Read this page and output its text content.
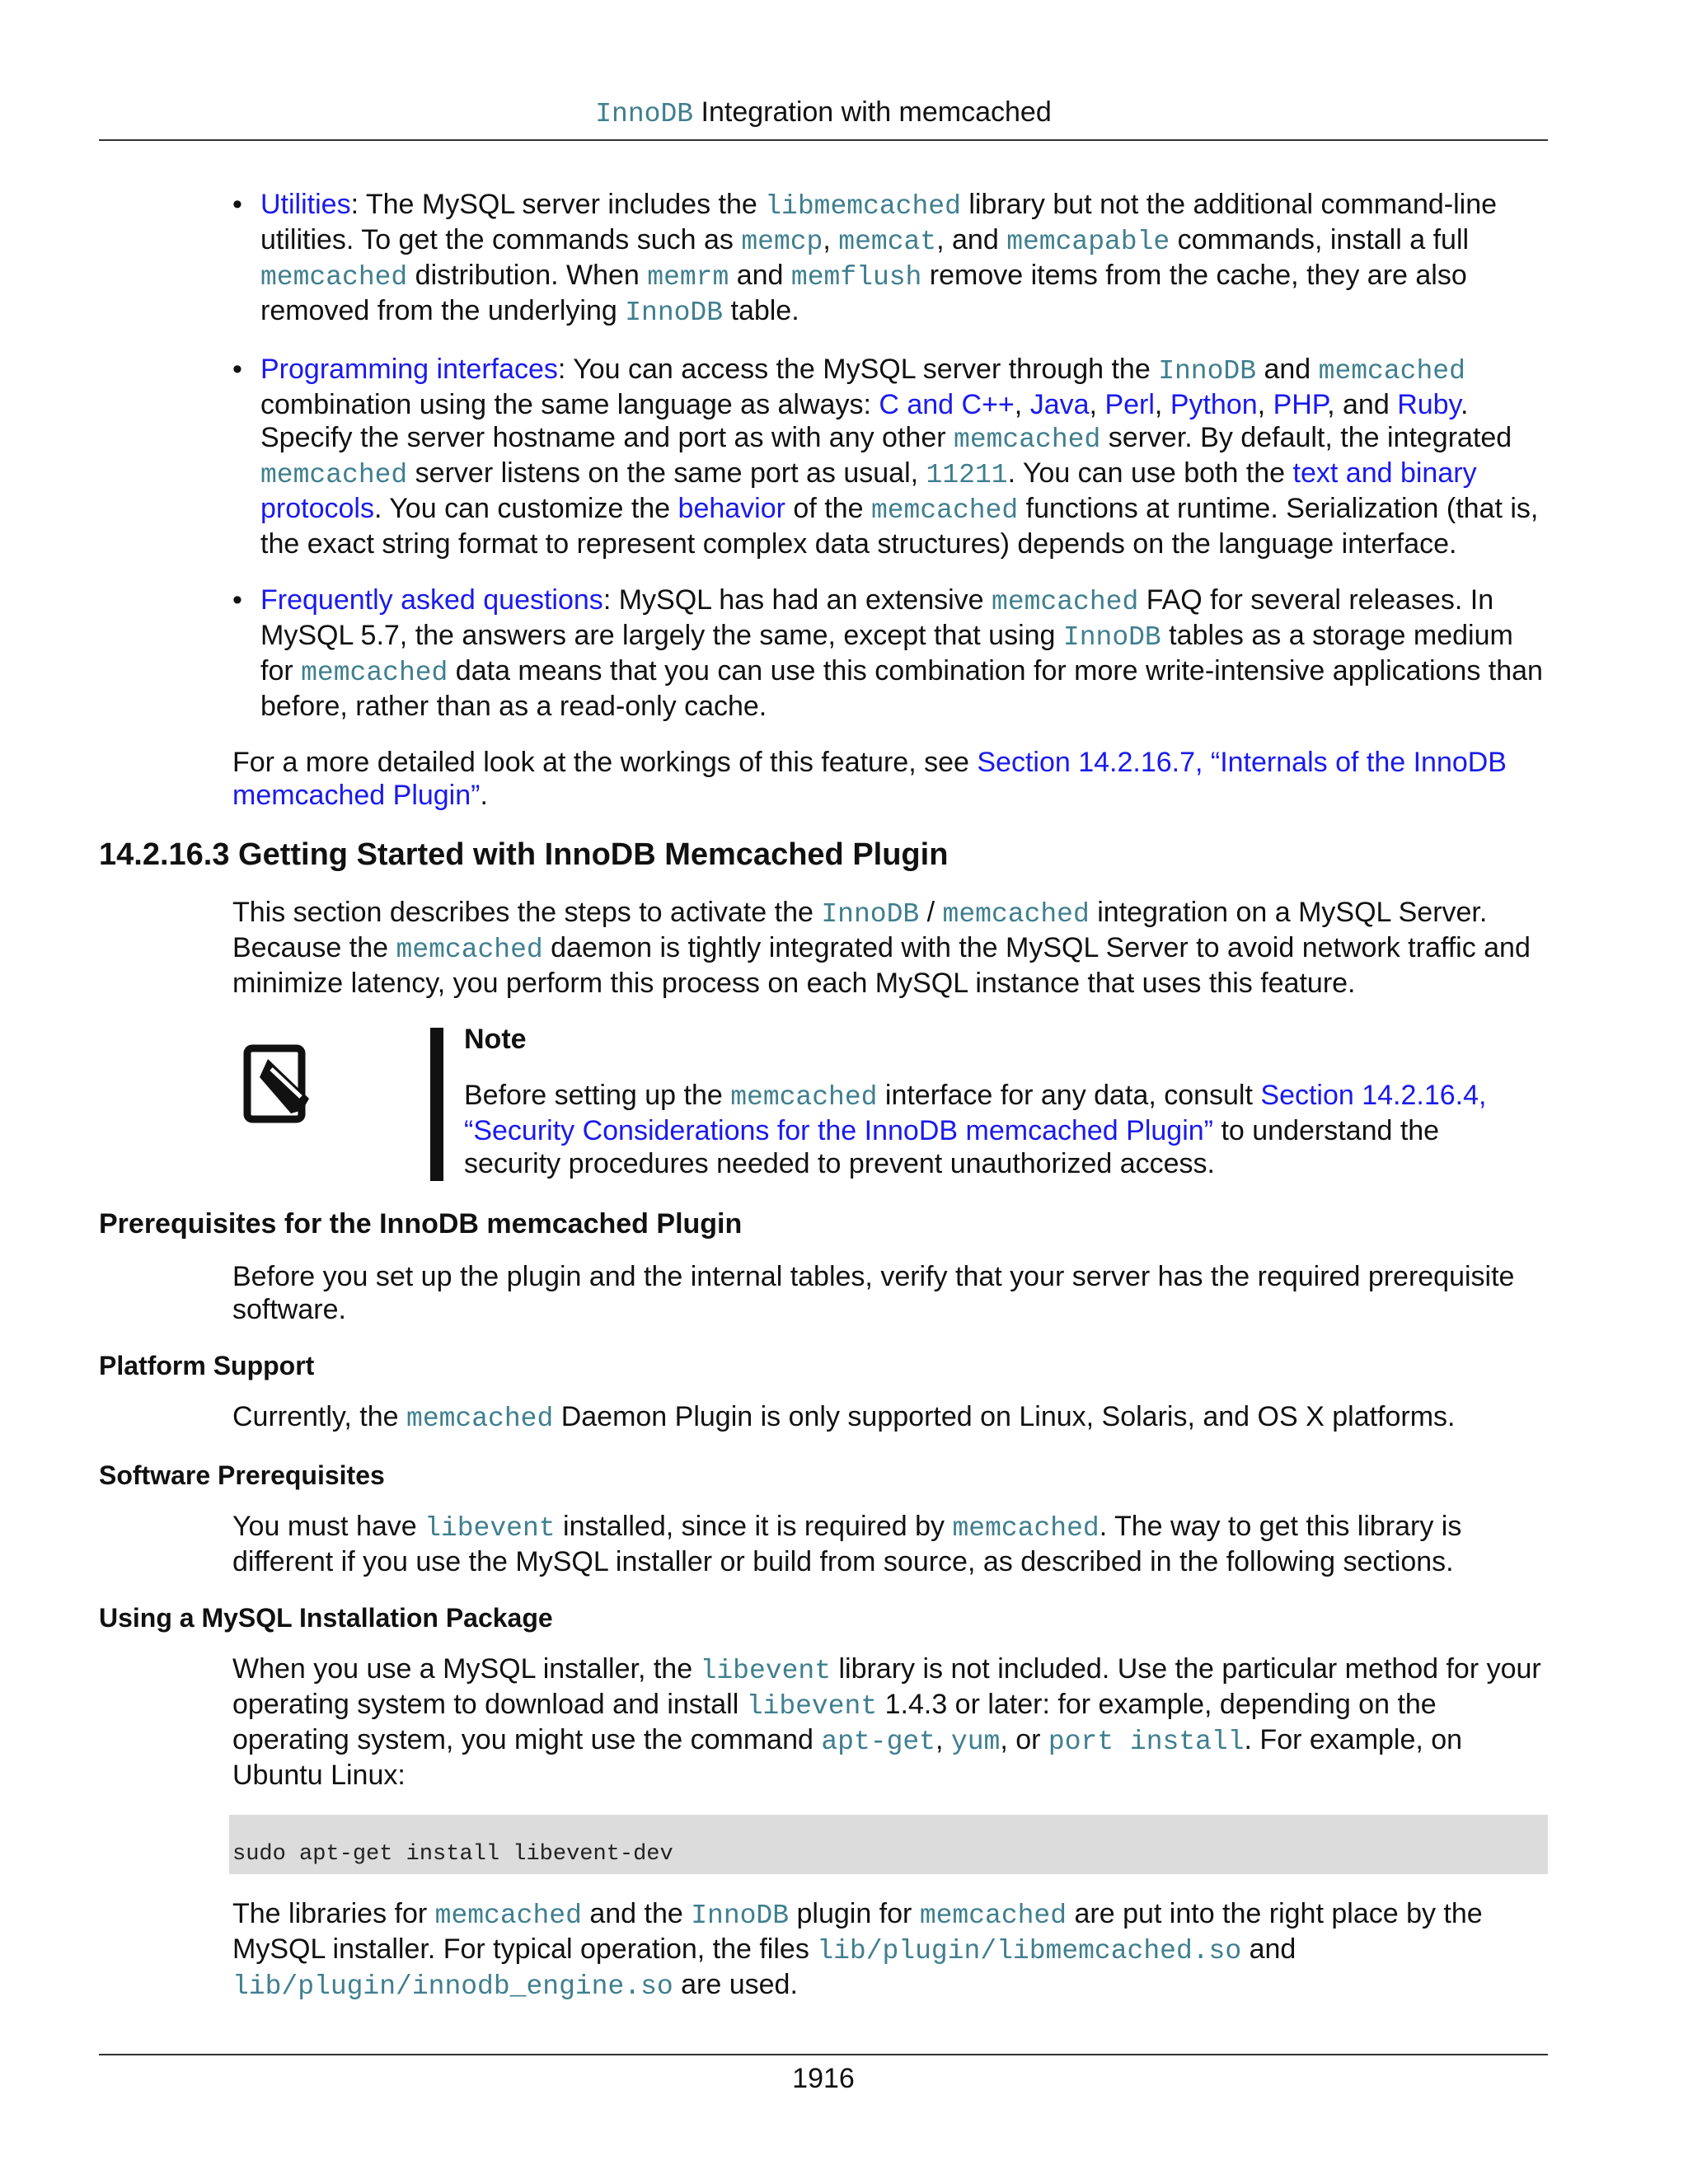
InnoDB Integration with memcached
• Utilities: The MySQL server includes the libmemcached library but not the additional command-line utilities. To get the commands such as memcp, memcat, and memcapable commands, install a full memcached distribution. When memrm and memflush remove items from the cache, they are also removed from the underlying InnoDB table.
• Programming interfaces: You can access the MySQL server through the InnoDB and memcached combination using the same language as always: C and C++, Java, Perl, Python, PHP, and Ruby. Specify the server hostname and port as with any other memcached server. By default, the integrated memcached server listens on the same port as usual, 11211. You can use both the text and binary protocols. You can customize the behavior of the memcached functions at runtime. Serialization (that is, the exact string format to represent complex data structures) depends on the language interface.
• Frequently asked questions: MySQL has had an extensive memcached FAQ for several releases. In MySQL 5.7, the answers are largely the same, except that using InnoDB tables as a storage medium for memcached data means that you can use this combination for more write-intensive applications than before, rather than as a read-only cache.

For a more detailed look at the workings of this feature, see Section 14.2.16.7, “Internals of the InnoDB memcached Plugin”.

14.2.16.3 Getting Started with InnoDB Memcached Plugin

This section describes the steps to activate the InnoDB / memcached integration on a MySQL Server. Because the memcached daemon is tightly integrated with the MySQL Server to avoid network traffic and minimize latency, you perform this process on each MySQL instance that uses this feature.

Note
Before setting up the memcached interface for any data, consult Section 14.2.16.4, “Security Considerations for the InnoDB memcached Plugin” to understand the security procedures needed to prevent unauthorized access.
Prerequisites for the InnoDB memcached Plugin

Before you set up the plugin and the internal tables, verify that your server has the required prerequisite software.

Platform Support

Currently, the memcached Daemon Plugin is only supported on Linux, Solaris, and OS X platforms.

Software Prerequisites

You must have libevent installed, since it is required by memcached. The way to get this library is different if you use the MySQL installer or build from source, as described in the following sections.

Using a MySQL Installation Package

When you use a MySQL installer, the libevent library is not included. Use the particular method for your operating system to download and install libevent 1.4.3 or later: for example, depending on the operating system, you might use the command apt-get, yum, or port install. For example, on Ubuntu Linux:

sudo apt-get install libevent-dev

The libraries for memcached and the InnoDB plugin for memcached are put into the right place by the MySQL installer. For typical operation, the files lib/plugin/libmemcached.so and lib/plugin/innodb_engine.so are used.

1916
